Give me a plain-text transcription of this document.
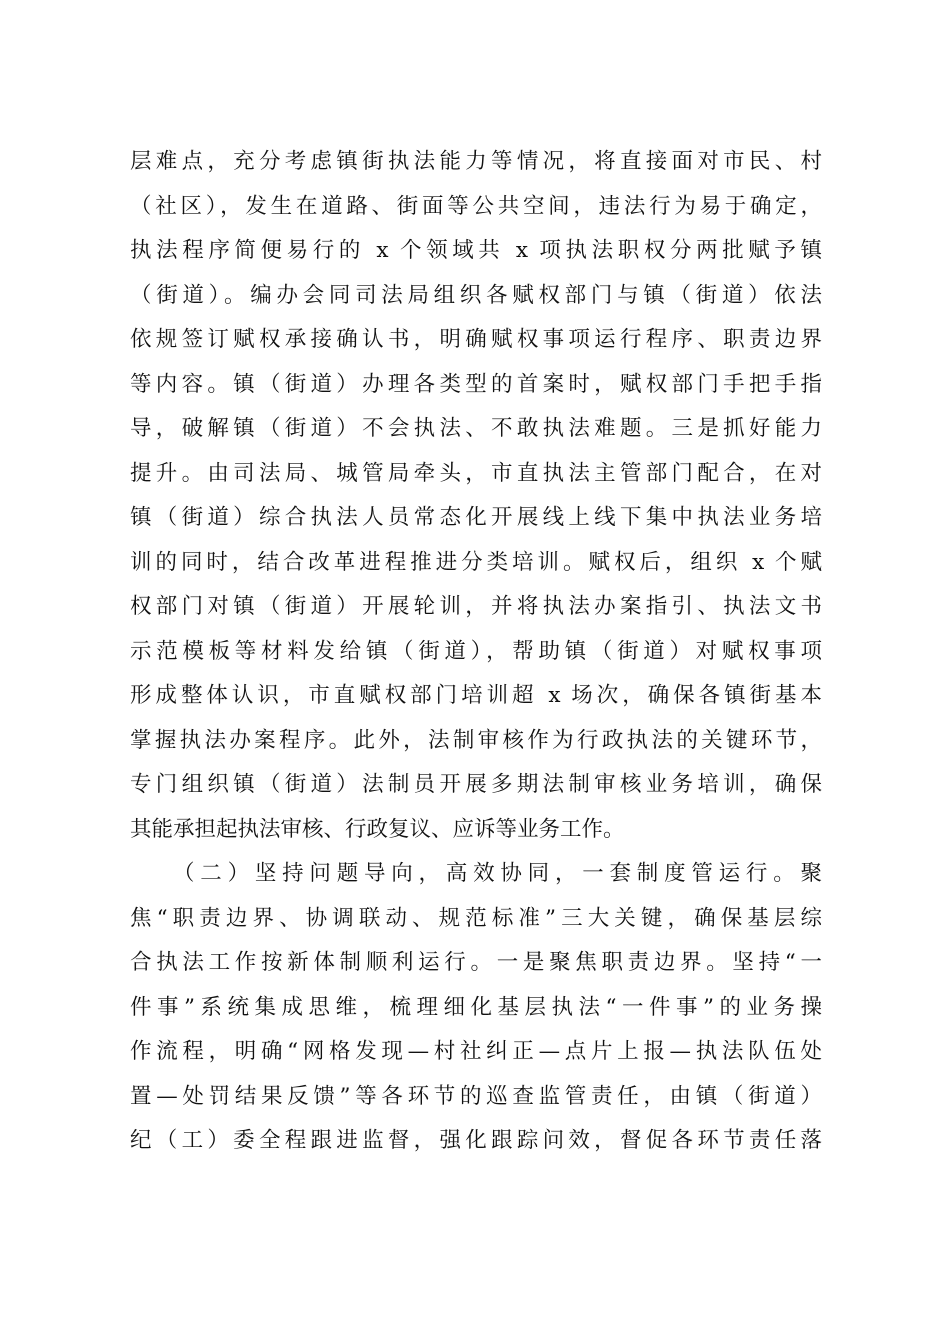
层难点，充分考虑镇街执法能力等情况，将直接面对市民、村
（社区），发生在道路、街面等公共空间，违法行为易于确定，
执法程序简便易行的 x 个领域共 x 项执法职权分两批赋予镇
（街道）。编办会同司法局组织各赋权部门与镇（街道）依法
依规签订赋权承接确认书，明确赋权事项运行程序、职责边界
等内容。镇（街道）办理各类型的首案时，赋权部门手把手指
导，破解镇（街道）不会执法、不敢执法难题。三是抓好能力
提升。由司法局、城管局牵头，市直执法主管部门配合，在对
镇（街道）综合执法人员常态化开展线上线下集中执法业务培
训的同时，结合改革进程推进分类培训。赋权后，组织 x 个赋
权部门对镇（街道）开展轮训，并将执法办案指引、执法文书
示范模板等材料发给镇（街道），帮助镇（街道）对赋权事项
形成整体认识，市直赋权部门培训超 x 场次，确保各镇街基本
掌握执法办案程序。此外，法制审核作为行政执法的关键环节，
专门组织镇（街道）法制员开展多期法制审核业务培训，确保
其能承担起执法审核、行政复议、应诉等业务工作。
（二）坚持问题导向，高效协同，一套制度管运行。聚
焦“职责边界、协调联动、规范标准”三大关键，确保基层综
合执法工作按新体制顺利运行。一是聚焦职责边界。坚持“一
件事”系统集成思维，梳理细化基层执法“一件事”的业务操
作流程，明确“网格发现—村社纠正—点片上报—执法队伍处
置—处罚结果反馈”等各环节的巡查监管责任，由镇（街道）
纪（工）委全程跟进监督，强化跟踪问效，督促各环节责任落
